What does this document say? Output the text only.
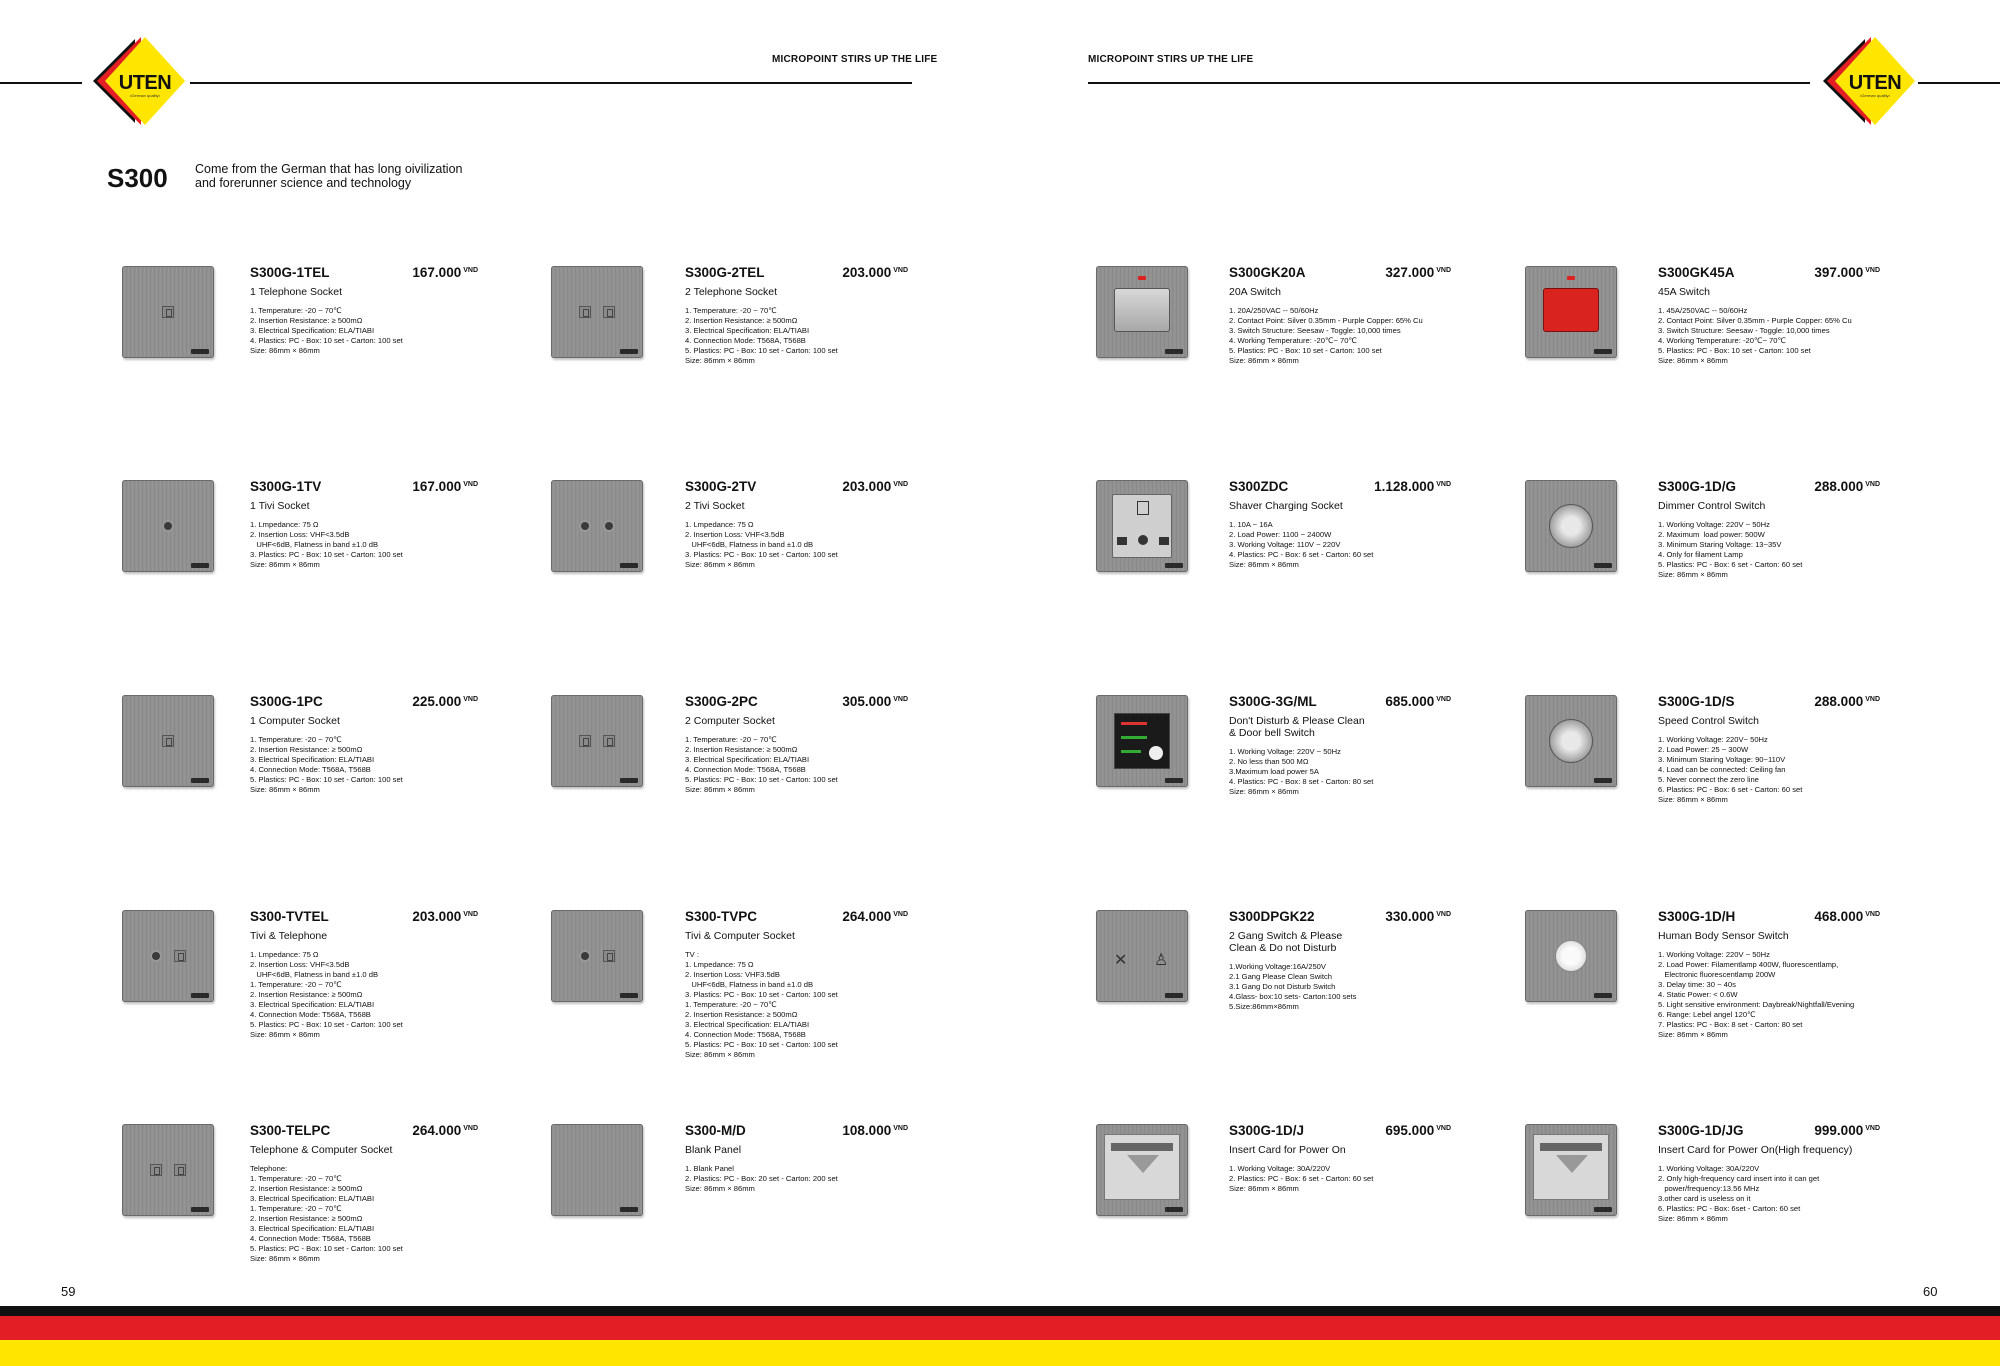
MICROPOINT STIRS UP THE LIFE
UTEN
•German quality•
MICROPOINT STIRS UP THE LIFE
UTEN
•German quality•
S300 Come from the German that has long oivilization
and forerunner science and technology
S300G-1TEL	167.000 $^{VND}$
1 Telephone Socket
1. Temperature: -20 ~ 70℃
2. Insertion Resistance: ≥ 500mΩ
3. Electrical Specification: ELA/TIABI
4. Plastics: PC - Box: 10 set - Carton: 100 set
Size: 86mm × 86mm
S300G-2TEL	203.000 $^{VND}$
2 Telephone Socket
1. Temperature: -20 ~ 70℃
2. Insertion Resistance: ≥ 500mΩ
3. Electrical Specification: ELA/TIABI
4. Connection Mode: T568A, T568B
5. Plastics: PC - Box: 10 set - Carton: 100 set
Size: 86mm × 86mm
S300GK20A	327.000 $^{VND}$
20A Switch
1. 20A/250VAC -- 50/60Hz
2. Contact Point: Silver 0.35mm - Purple Copper: 65% Cu
3. Switch Structure: Seesaw - Toggle: 10,000 times
4. Working Temperature: -20℃~ 70℃
5. Plastics: PC - Box: 10 set - Carton: 100 set
Size: 86mm × 86mm
S300GK45A	397.000 $^{VND}$
45A Switch
1. 45A/250VAC -- 50/60Hz
2. Contact Point: Silver 0.35mm - Purple Copper: 65% Cu
3. Switch Structure: Seesaw - Toggle: 10,000 times
4. Working Temperature: -20℃~ 70℃
5. Plastics: PC - Box: 10 set - Carton: 100 set
Size: 86mm × 86mm
S300G-1TV	167.000 $^{VND}$
1 Tivi Socket
1. Lmpedance: 75 Ω
2. Insertion Loss: VHF<3.5dB
UHF<6dB, Flatness in band ±1.0 dB
3. Plastics: PC - Box: 10 set - Carton: 100 set
Size: 86mm × 86mm
S300G-2TV	203.000 $^{VND}$
2 Tivi Socket
1. Lmpedance: 75 Ω
2. Insertion Loss: VHF<3.5dB
UHF<6dB, Flatness in band ±1.0 dB
3. Plastics: PC - Box: 10 set - Carton: 100 set
Size: 86mm × 86mm
S300ZDC	1.128.000 $^{VND}$
Shaver Charging Socket
1. 10A ~ 16A
2. Load Power: 1100 ~ 2400W
3. Working Voltage: 110V ~ 220V
4. Plastics: PC - Box: 6 set - Carton: 60 set
Size: 86mm × 86mm
S300G-1D/G	288.000 $^{VND}$
Dimmer Control Switch
1. Working Voltage: 220V ~ 50Hz
2. Maximum  load power: 500W
3. Minimum Staring Voltage: 13~35V
4. Only for filament Lamp
5. Plastics: PC - Box: 6 set - Carton: 60 set
Size: 86mm × 86mm
S300G-1PC	225.000 $^{VND}$
1 Computer Socket
1. Temperature: -20 ~ 70℃
2. Insertion Resistance: ≥ 500mΩ
3. Electrical Specification: ELA/TIABI
4. Connection Mode: T568A, T568B
5. Plastics: PC - Box: 10 set - Carton: 100 set
Size: 86mm × 86mm
S300G-2PC	305.000 $^{VND}$
2 Computer Socket
1. Temperature: -20 ~ 70℃
2. Insertion Resistance: ≥ 500mΩ
3. Electrical Specification: ELA/TIABI
4. Connection Mode: T568A, T568B
5. Plastics: PC - Box: 10 set - Carton: 100 set
Size: 86mm × 86mm
S300G-3G/ML	685.000 $^{VND}$
Don't Disturb & Please Clean
& Door bell Switch
1. Working Voltage: 220V ~ 50Hz
2. No less than 500 MΩ
3.Maximum load power 5A
4. Plastics: PC - Box: 8 set - Carton: 80 set
Size: 86mm × 86mm
S300G-1D/S	288.000 $^{VND}$
Speed Control Switch
1. Working Voltage: 220V~ 50Hz
2. Load Power: 25 ~ 300W
3. Minimum Staring Voltage: 90~110V
4. Load can be connected: Ceiling fan
5. Never connect the zero line
6. Plastics: PC - Box: 6 set - Carton: 60 set
Size: 86mm × 86mm
S300-TVTEL	203.000 $^{VND}$
Tivi & Telephone
1. Lmpedance: 75 Ω
2. Insertion Loss: VHF<3.5dB
UHF<6dB, Flatness in band ±1.0 dB
1. Temperature: -20 ~ 70℃
2. Insertion Resistance: ≥ 500mΩ
3. Electrical Specification: ELA/TIABI
4. Connection Mode: T568A, T568B
5. Plastics: PC - Box: 10 set - Carton: 100 set
Size: 86mm × 86mm
S300-TVPC	264.000 $^{VND}$
Tivi & Computer Socket
TV :
1. Lmpedance: 75 Ω
2. Insertion Loss: VHF3.5dB
UHF<6dB, Flatness in band ±1.0 dB
3. Plastics: PC - Box: 10 set - Carton: 100 set
1. Temperature: -20 ~ 70℃
2. Insertion Resistance: ≥ 500mΩ
3. Electrical Specification: ELA/TIABI
4. Connection Mode: T568A, T568B
5. Plastics: PC - Box: 10 set - Carton: 100 set
Size: 86mm × 86mm
✕ ♙
S300DPGK22	330.000 $^{VND}$
2 Gang Switch & Please
Clean & Do not Disturb
1.Working Voltage:16A/250V
2.1 Gang Please Clean Switch
3.1 Gang Do not Disturb Switch
4.Glass- box:10 sets- Carton:100 sets
5.Size:86mm×86mm
S300G-1D/H	468.000 $^{VND}$
Human Body Sensor Switch
1. Working Voltage: 220V ~ 50Hz
2. Load Power: Filamentlamp 400W, fluorescentlamp,
Electronic fluorescentlamp 200W
3. Delay time: 30 ~ 40s
4. Static Power: < 0.6W
5. Light sensitive environment: Daybreak/Nightfall/Evening
6. Range: Lebel angel 120℃
7. Plastics: PC - Box: 8 set - Carton: 80 set
Size: 86mm × 86mm
S300-TELPC	264.000 $^{VND}$
Telephone & Computer Socket
Telephone:
1. Temperature: -20 ~ 70℃
2. Insertion Resistance: ≥ 500mΩ
3. Electrical Specification: ELA/TIABI
1. Temperature: -20 ~ 70℃
2. Insertion Resistance: ≥ 500mΩ
3. Electrical Specification: ELA/TIABI
4. Connection Mode: T568A, T568B
5. Plastics: PC - Box: 10 set - Carton: 100 set
Size: 86mm × 86mm
S300-M/D	108.000 $^{VND}$
Blank Panel
1. Blank Panel
2. Plastics: PC - Box: 20 set - Carton: 200 set
Size: 86mm × 86mm
S300G-1D/J	695.000 $^{VND}$
Insert Card for Power On
1. Working Voltage: 30A/220V
2. Plastics: PC - Box: 6 set - Carton: 60 set
Size: 86mm × 86mm
S300G-1D/JG	999.000 $^{VND}$
Insert Card for Power On(High frequency)
1. Working Voltage: 30A/220V
2. Only high-frequency card insert into it can get
power/frequency:13.56 MHz
3.other card is useless on it
6. Plastics: PC - Box: 6set - Carton: 60 set
Size: 86mm × 86mm
59	60
